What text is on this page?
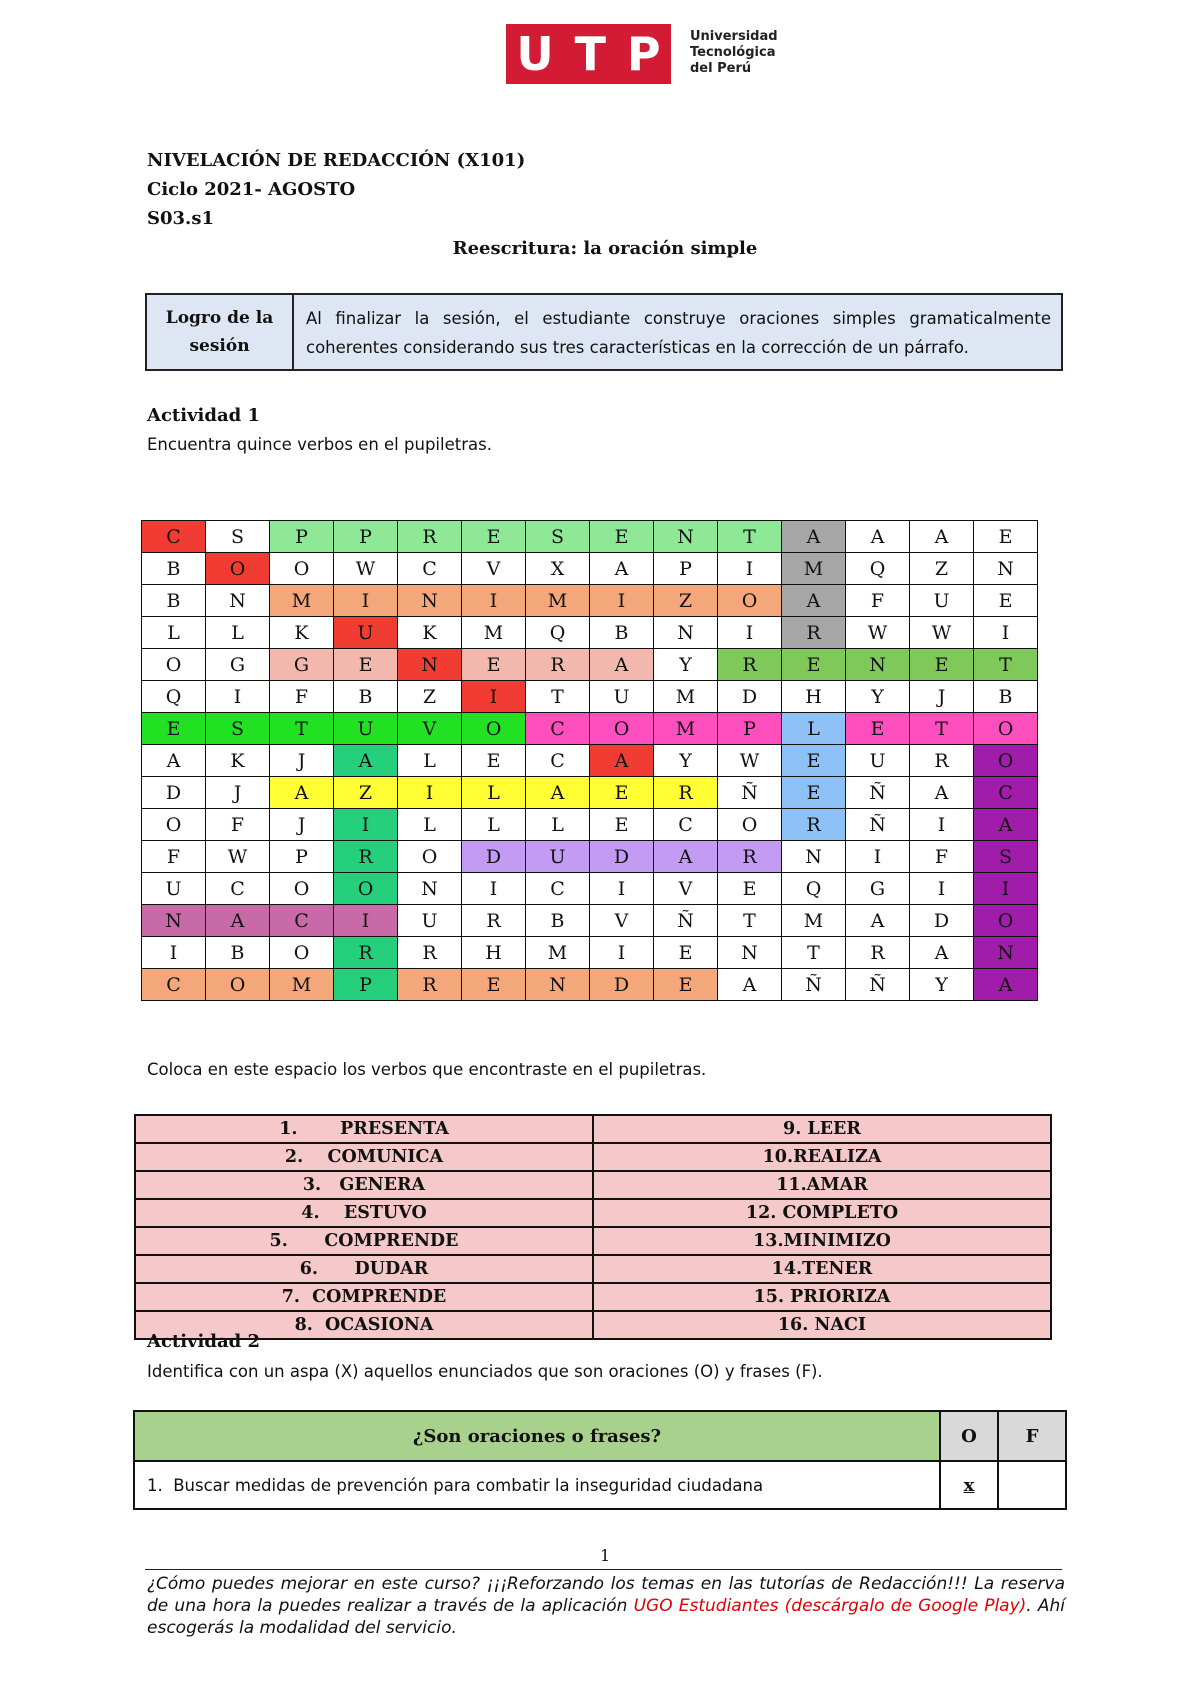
U T P Universidad
Tecnológica
del Perú
NIVELACIÓN DE REDACCIÓN (X101)
Ciclo 2021- AGOSTO
S03.s1
Reescritura: la oración simple
Logro de la sesión
Al finalizar la sesión, el estudiante construye oraciones simples gramaticalmente coherentes considerando sus tres características en la corrección de un párrafo.
Actividad 1
Encuentra quince verbos en el pupiletras.
C	S	P	P	R	E	S	E	N	T	A	A	A	E
B	O	O	W	C	V	X	A	P	I	M	Q	Z	N
B	N	M	I	N	I	M	I	Z	O	A	F	U	E
L	L	K	U	K	M	Q	B	N	I	R	W	W	I
O	G	G	E	N	E	R	A	Y	R	E	N	E	T
Q	I	F	B	Z	I	T	U	M	D	H	Y	J	B
E	S	T	U	V	O	C	O	M	P	L	E	T	O
A	K	J	A	L	E	C	A	Y	W	E	U	R	O
D	J	A	Z	I	L	A	E	R	Ñ	E	Ñ	A	C
O	F	J	I	L	L	L	E	C	O	R	Ñ	I	A
F	W	P	R	O	D	U	D	A	R	N	I	F	S
U	C	O	O	N	I	C	I	V	E	Q	G	I	I
N	A	C	I	U	R	B	V	Ñ	T	M	A	D	O
I	B	O	R	R	H	M	I	E	N	T	R	A	N
C	O	M	P	R	E	N	D	E	A	Ñ	Ñ	Y	A
Coloca en este espacio los verbos que encontraste en el pupiletras.
1.       PRESENTA	9. LEER
2.    COMUNICA	10.REALIZA
3.   GENERA	11.AMAR
4.    ESTUVO	12. COMPLETO
5.      COMPRENDE	13.MINIMIZO
6.      DUDAR	14.TENER
7.  COMPRENDE	15. PRIORIZA
8.  OCASIONA	16. NACI
Actividad 2
Identifica con un aspa (X) aquellos enunciados que son oraciones (O) y frases (F).
¿Son oraciones o frases?	O	F
1.  Buscar medidas de prevención para combatir la inseguridad ciudadana	x	
1
¿Cómo puedes mejorar en este curso? ¡¡¡Reforzando los temas en las tutorías de Redacción!!! La reserva de una hora la puedes realizar a través de la aplicación UGO Estudiantes (descárgalo de Google Play). Ahí escogerás la modalidad del servicio.
